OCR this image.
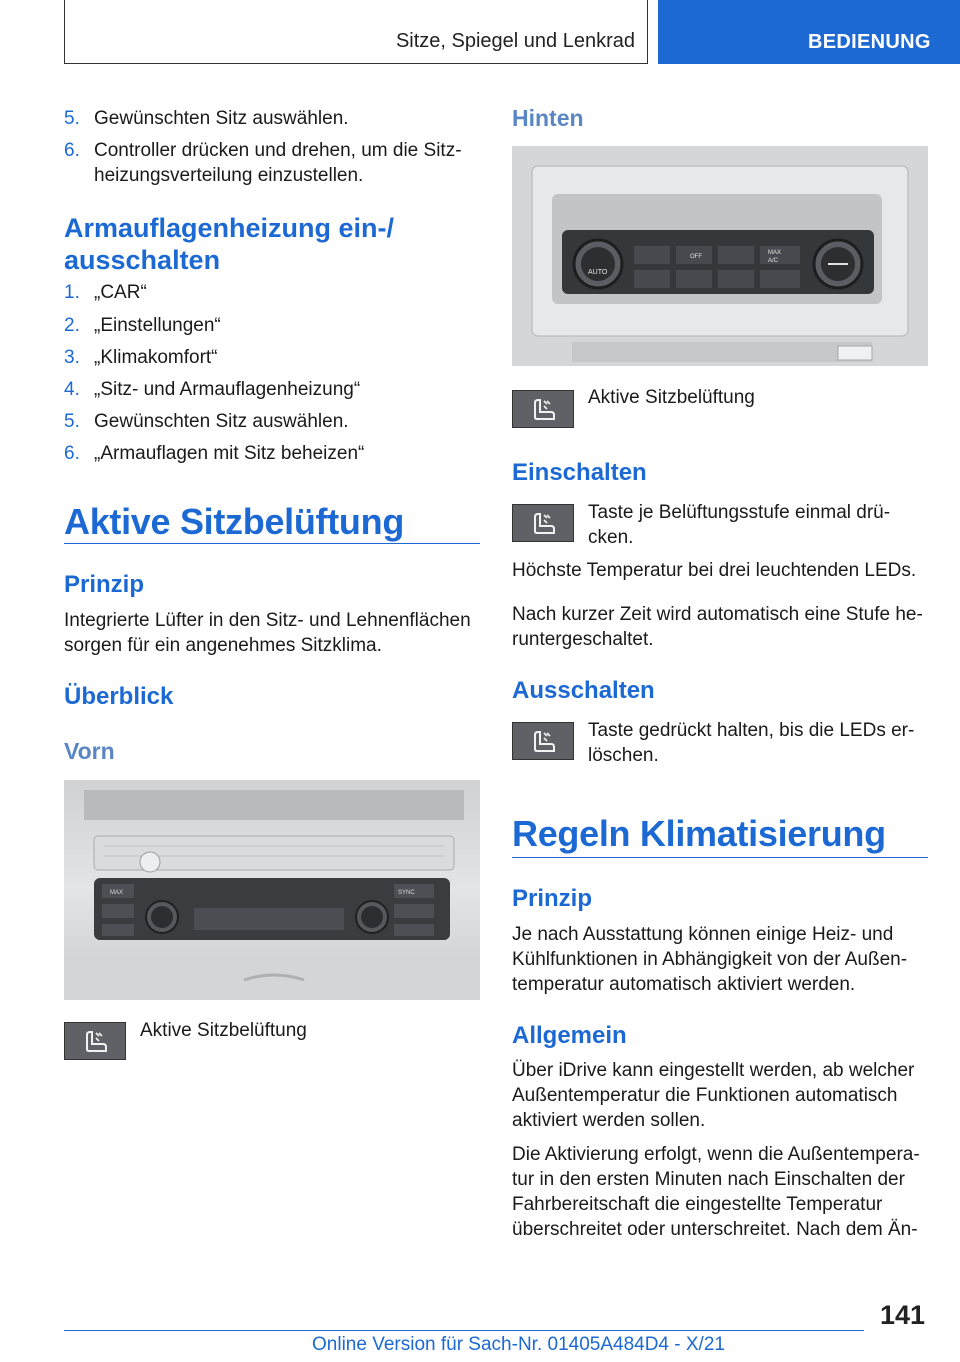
Sitze, Spiegel und Lenkrad	BEDIENUNG
5. Gewünschten Sitz auswählen.
6. Controller drücken und drehen, um die Sitz-heizungsverteilung einzustellen.
Armauflagenheizung ein-/ ausschalten
1. „CAR“
2. „Einstellungen“
3. „Klimakomfort“
4. „Sitz- und Armauflagenheizung“
5. Gewünschten Sitz auswählen.
6. „Armauflagen mit Sitz beheizen“
Aktive Sitzbelüftung
Prinzip
Integrierte Lüfter in den Sitz- und Lehnenflächen sorgen für ein angenehmes Sitzklima.
Überblick
Vorn
MAX	SYNC
Aktive Sitzbelüftung
Hinten
AUTO
OFF
MAX
A/C
Aktive Sitzbelüftung
Einschalten
Taste je Belüftungsstufe einmal drü-cken.
Höchste Temperatur bei drei leuchtenden LEDs.
Nach kurzer Zeit wird automatisch eine Stufe he-runtergeschaltet.
Ausschalten
Taste gedrückt halten, bis die LEDs er-löschen.
Regeln Klimatisierung
Prinzip
Je nach Ausstattung können einige Heiz- und Kühlfunktionen in Abhängigkeit von der Außen-temperatur automatisch aktiviert werden.
Allgemein
Über iDrive kann eingestellt werden, ab welcher Außentemperatur die Funktionen automatisch aktiviert werden sollen.
Die Aktivierung erfolgt, wenn die Außentempera-tur in den ersten Minuten nach Einschalten der Fahrbereitschaft die eingestellte Temperatur überschreitet oder unterschreitet. Nach dem Än-
141
Online Version für Sach-Nr. 01405A484D4 - X/21
